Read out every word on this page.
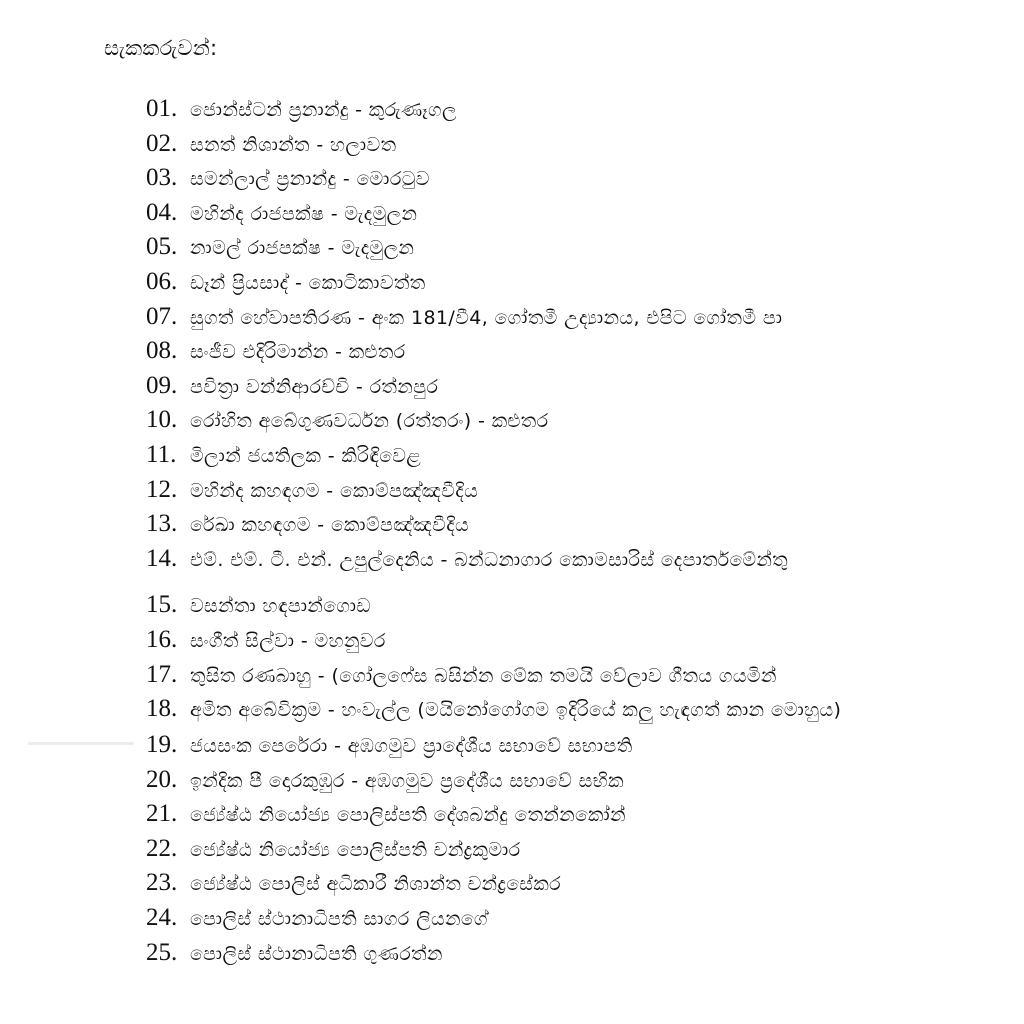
සැකකරුවන්:
01. ජොන්ස්ටන් ප්‍රනාන්දු - කුරුණෑගල
02. සනත් නිශාන්ත - හලාවත
03. සමන්ලාල් ප්‍රනාන්දු - මොරටුව
04. මහින්ද රාජපක්ෂ - මැදමුලන
05. නාමල් රාජපක්ෂ - මැදමුලන
06. ඩෑන් ප්‍රියසාද් - කොටිකාවත්ත
07. සුගත් හේවාපතිරණ - අංක 181/වී4, ගෝතමී උද්‍යානය, එපිට ගෝතමී පා
08. සංජීව එදිරිමාන්න - කළුතර
09. පවිත්‍රා වන්නිආරච්චි - රත්නපුර
10. රෝහිත අබේගුණවර්ධන (රත්තරං) - කළුතර
11. මිලාන් ජයතිලක - කිරිඳිවෙළ
12. මහින්ද කහඳගම - කොම්පඤ්ඤවීදිය
13. රේඛා කහඳගම - කොම්පඤ්ඤවීදිය
14. එම්. එම්. ටී. එන්. උපුල්දෙනිය - බන්ධනාගාර කොමසාරිස් දෙපාර්තමේන්තු
15. වසන්තා හඳපාන්ගොඩ
16. සංගීත් සිල්වා - මහනුවර
17. තුසිත රණබාහු - (ගෝලෆේස බසින්න මේක තමයි වේලාව ගීතය ගයමින්
18. අමිත අබේවික්‍රම - හංවැල්ල (මයිනෝගෝගම ඉදිරියේ කලු හැඳගත් කාන මොහුය)
19. ජයසංක පෙරේරා - අඹගමුව ප්‍රාදේශීය සභාවේ සභාපති
20. ඉන්දික පී දොරකුඹුර - අඹගමුව ප්‍රදේශීය සභාවේ සභික
21. ජ්‍යේෂ්ඨ නියෝජ්‍ය පොලිස්පති දේශබන්දු තෙන්නකෝන්
22. ජ්‍යේෂ්ඨ නියෝජ්‍ය පොලිස්පති චන්ද්‍රකුමාර
23. ජ්‍යේෂ්ඨ පොලිස් අධිකාරී නිශාන්ත චන්ද්‍රසේකර
24. පොලිස් ස්ථානාධිපති සාගර ලියනගේ
25. පොලිස් ස්ථානාධිපති ගුණරත්න
